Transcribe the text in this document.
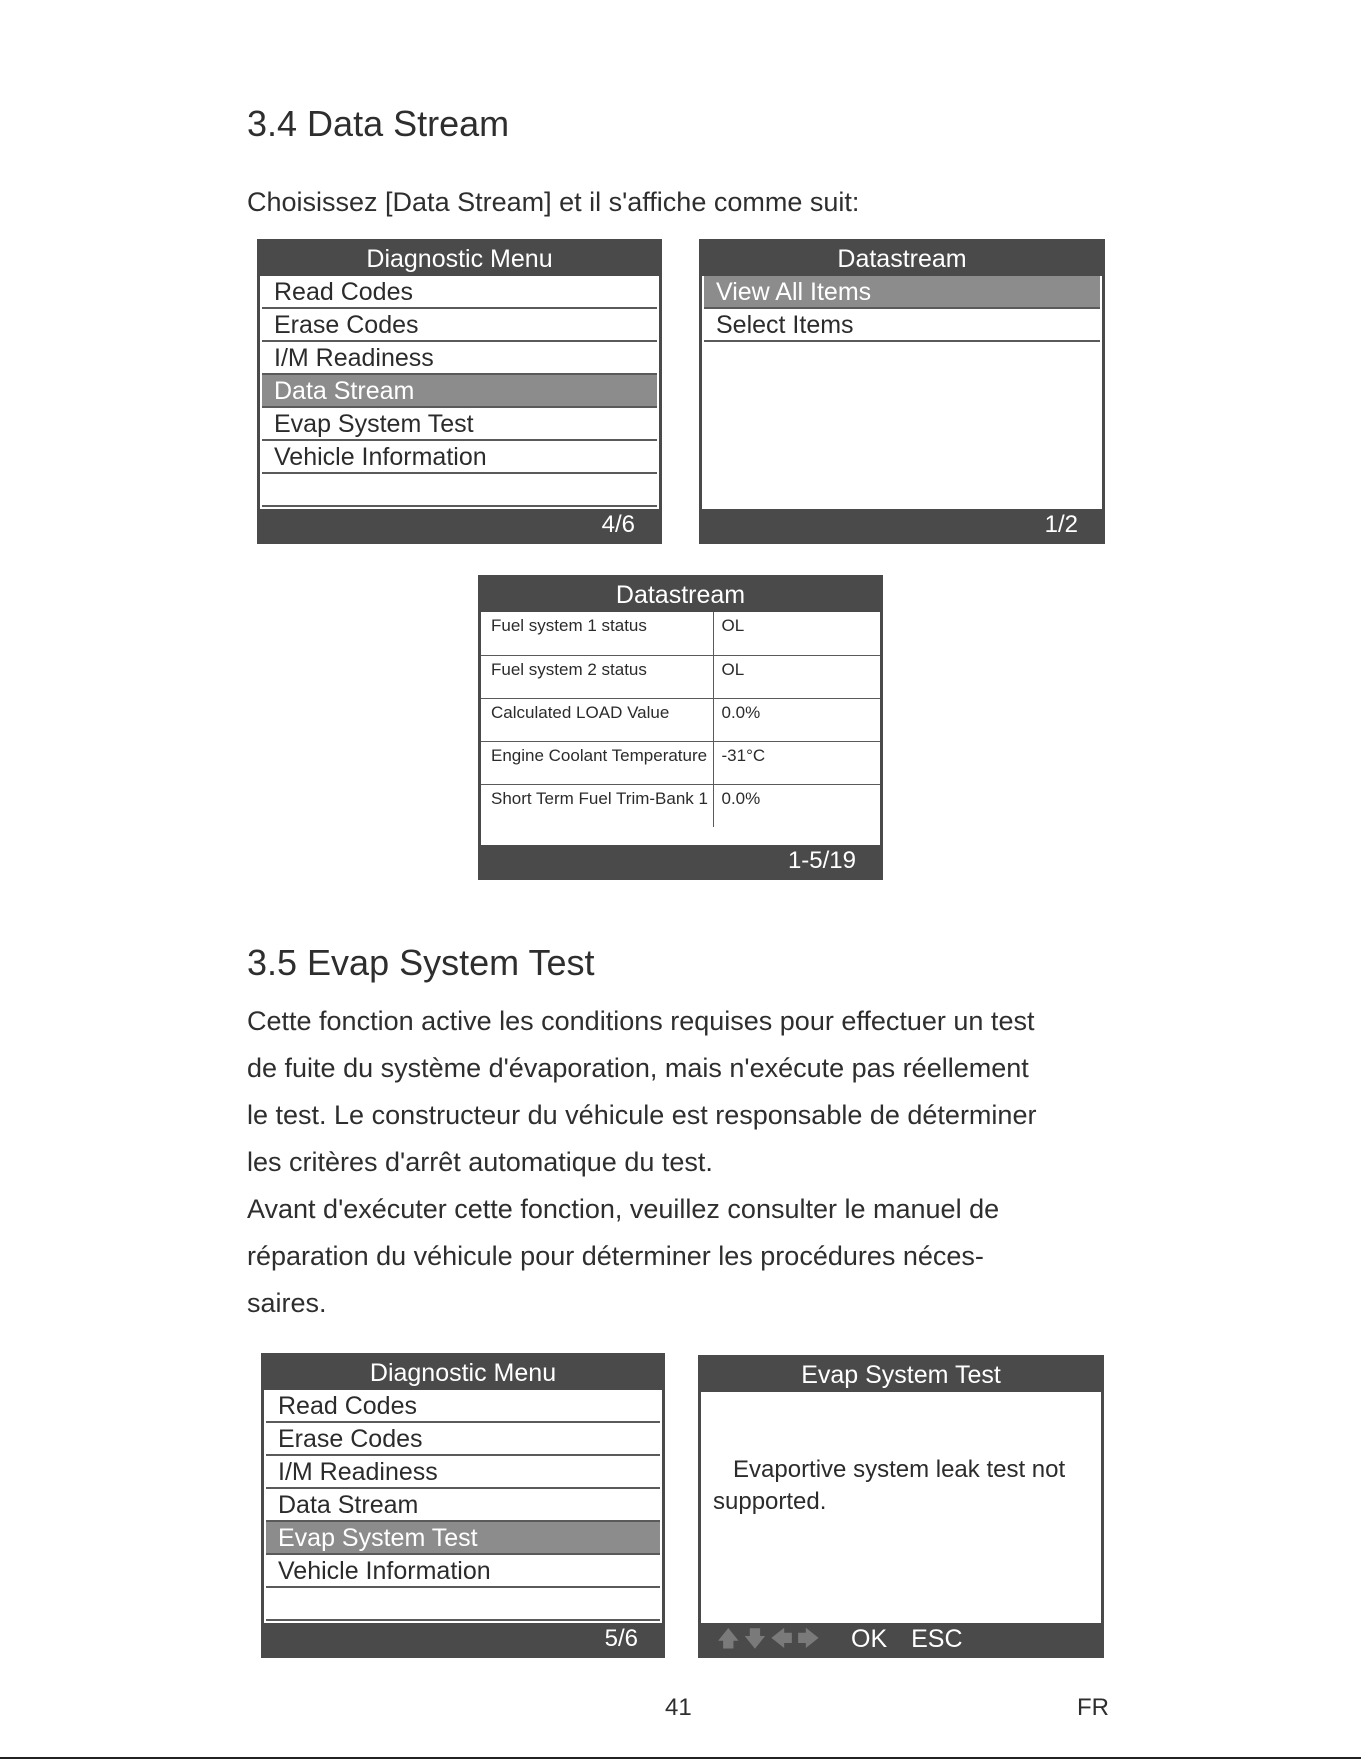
3.4 Data Stream
Choisissez [Data Stream] et il s'affiche comme suit:
Diagnostic Menu
Read Codes
Erase Codes
I/M Readiness
Data Stream
Evap System Test
Vehicle Information
4/6
Datastream
View All Items
Select Items
1/2
Datastream
Fuel system 1 status	OL
Fuel system 2 status	OL
Calculated LOAD Value	0.0%
Engine Coolant Temperature	-31°C
Short Term Fuel Trim-Bank 1	0.0%
1-5/19
3.5 Evap System Test

Cette fonction active les conditions requises pour effectuer un test

de fuite du système d'évaporation, mais n'exécute pas réellement

le test. Le constructeur du véhicule est responsable de déterminer

les critères d'arrêt automatique du test.

Avant d'exécuter cette fonction, veuillez consulter le manuel de

réparation du véhicule pour déterminer les procédures néces-

saires.

Diagnostic Menu
Read Codes
Erase Codes
I/M Readiness
Data Stream
Evap System Test
Vehicle Information
5/6
Evap System Test
Evaportive system leak test not supported.
🡅🡇🡄🡆 OK ESC
41	FR
